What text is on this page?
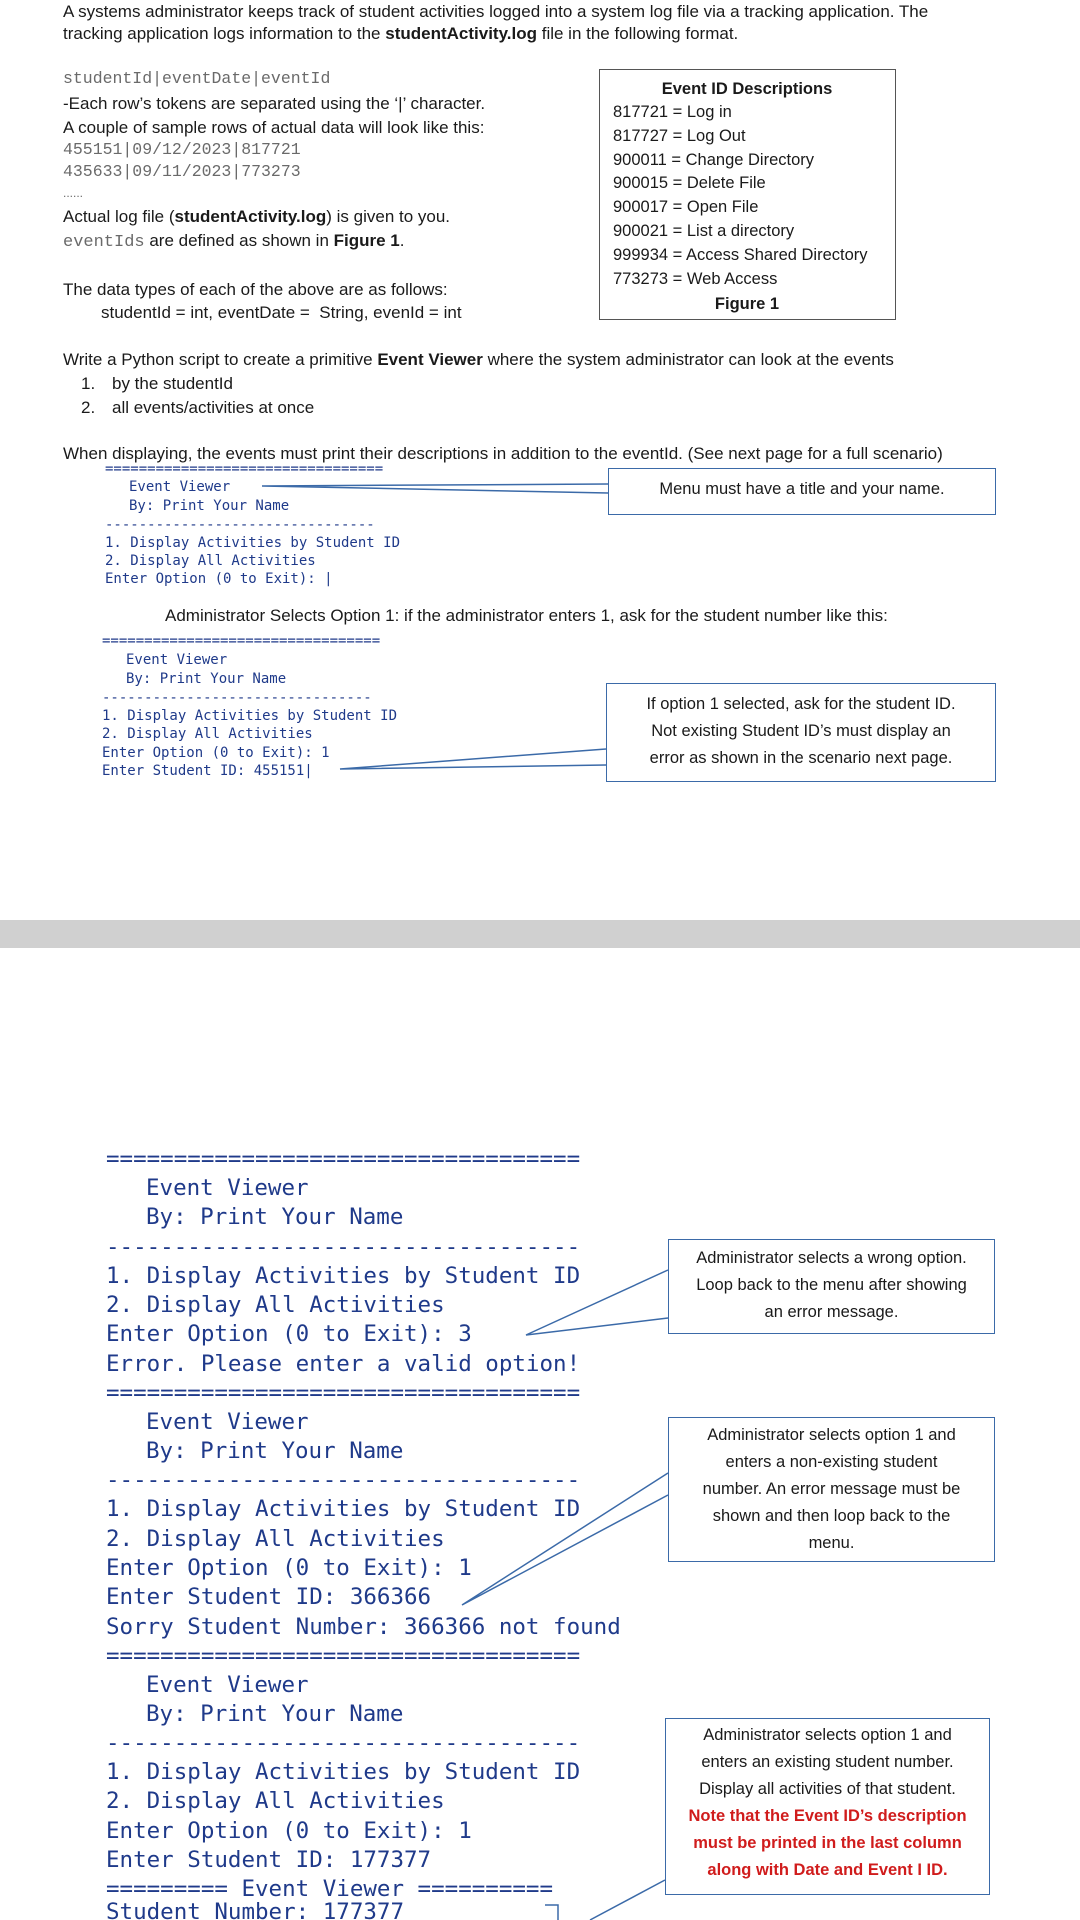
A systems administrator keeps track of student activities logged into a system log file via a tracking application. The
tracking application logs information to the studentActivity.log file in the following format.
studentId|eventDate|eventId
-Each row’s tokens are separated using the ‘|’ character.
A couple of sample rows of actual data will look like this:
455151|09/12/2023|817721
435633|09/11/2023|773273
......
Actual log file (studentActivity.log) is given to you.
eventIds are defined as shown in Figure 1.
The data types of each of the above are as follows:
studentId = int, eventDate =  String, evenId = int
Event ID Descriptions
817721 = Log in
817727 = Log Out
900011 = Change Directory
900015 = Delete File
900017 = Open File
900021 = List a directory
999934 = Access Shared Directory
773273 = Web Access
Figure 1
Write a Python script to create a primitive Event Viewer where the system administrator can look at the events
1. by the studentId
2. all events/activities at once
When displaying, the events must print their descriptions in addition to the eventId. (See next page for a full scenario)
=================================
Event Viewer
By: Print Your Name
--------------------------------
1. Display Activities by Student ID
2. Display All Activities
Enter Option (0 to Exit): |
Menu must have a title and your name.
Administrator Selects Option 1: if the administrator enters 1, ask for the student number like this:
=================================
Event Viewer
By: Print Your Name
--------------------------------
1. Display Activities by Student ID
2. Display All Activities
Enter Option (0 to Exit): 1
Enter Student ID: 455151|
If option 1 selected, ask for the student ID.
Not existing Student ID’s must display an
error as shown in the scenario next page.
===================================
Event Viewer
By: Print Your Name
-----------------------------------
1. Display Activities by Student ID
2. Display All Activities
Enter Option (0 to Exit): 3
Error. Please enter a valid option!
===================================
Event Viewer
By: Print Your Name
-----------------------------------
1. Display Activities by Student ID
2. Display All Activities
Enter Option (0 to Exit): 1
Enter Student ID: 366366
Sorry Student Number: 366366 not found
===================================
Event Viewer
By: Print Your Name
-----------------------------------
1. Display Activities by Student ID
2. Display All Activities
Enter Option (0 to Exit): 1
Enter Student ID: 177377
========= Event Viewer ==========
Student Number: 177377
Administrator selects a wrong option.
Loop back to the menu after showing
an error message.
Administrator selects option 1 and
enters a non-existing student
number. An error message must be
shown and then loop back to the
menu.
Administrator selects option 1 and
enters an existing student number.
Display all activities of that student.
Note that the Event ID’s description
must be printed in the last column
along with Date and Event I ID.
